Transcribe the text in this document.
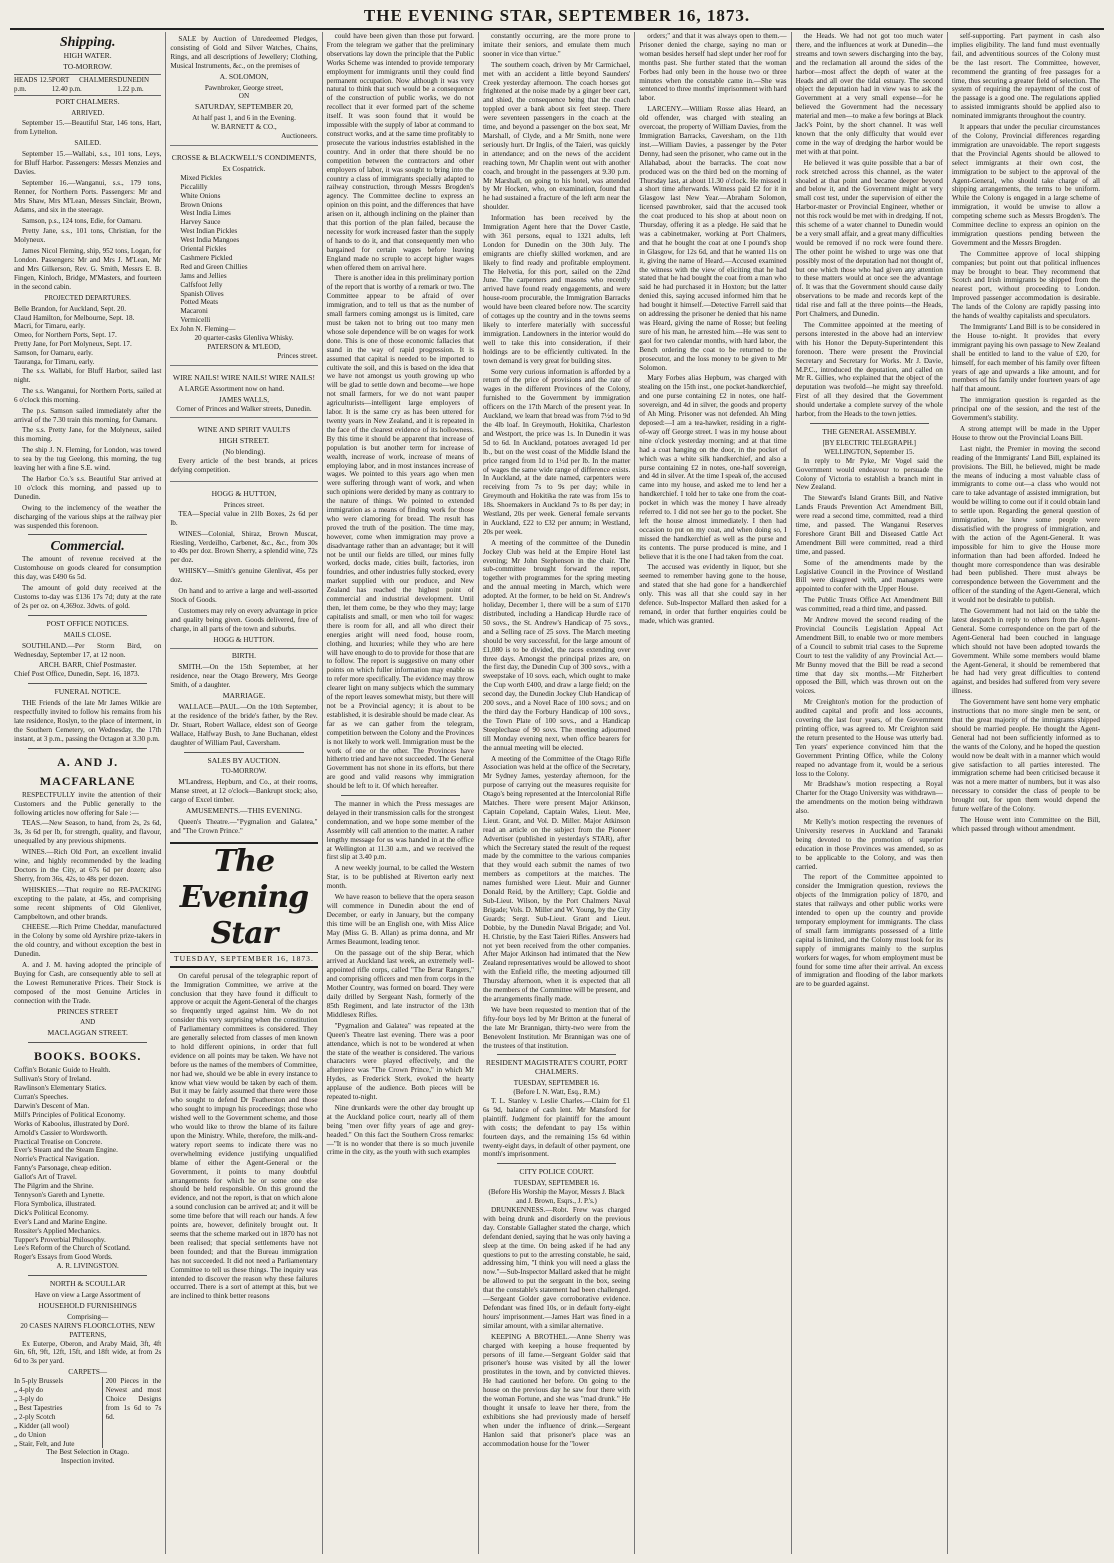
THE EVENING STAR, SEPTEMBER 16, 1873.
Shipping.
HIGH WATER.
TO-MORROW.
HEADS 12.5 p.m.
PORT CHALMERS 12.40 p.m.
DUNEDIN 1.22 p.m.
PORT CHALMERS.
ARRIVED.
September 15.—Beautiful Star, 146 tons, Hart, from Lyttelton.
SAILED.
September 15.—Wallabi, s.s., 101 tons, Leys, for Bluff Harbor. Passengers: Messrs Menzies and Davies.
September 16.—Wanganui, s.s., 179 tons, Renner, for Northern Ports. Passengers: Mr and Mrs Shaw, Mrs M'Lean, Messrs Sinclair, Brown, Adams, and six in the steerage.
Samson, p.s., 124 tons, Edie, for Oamaru.
Pretty Jane, s.s., 101 tons, Christian, for the Molyneux.
James Nicol Fleming, ship, 952 tons, Logan, for London. Passengers: Mr and Mrs J. M'Lean, Mr and Mrs Gilkerson, Rev. G. Smith, Messrs E. B. Fingen, Kinloch, Bridge, M'Masters, and fourteen in the second cabin.
PROJECTED DEPARTURES.
Belle Brandon, for Auckland, Sept. 20.
Claud Hamilton, for Melbourne, Sept. 18.
Macri, for Timaru, early.
Omeo, for Northern Ports, Sept. 17.
Pretty Jane, for Port Molyneux, Sept. 17.
Samson, for Oamaru, early.
Tauranga, for Timaru, early.
The s.s. Wallabi, for Bluff Harbor, sailed last night.
The s.s. Wanganui, for Northern Ports, sailed at 6 o'clock this morning.
The p.s. Samson sailed immediately after the arrival of the 7.30 train this morning, for Oamaru.
The s.s. Pretty Jane, for the Molyneux, sailed this morning.
The ship J. N. Fleming, for London, was towed to sea by the tug Geelong, this morning, the tug leaving her with a fine S.E. wind.
The Harbor Co.'s s.s. Beautiful Star arrived at 10 o'clock this morning, and passed up to Dunedin.
Owing to the inclemency of the weather the discharging of the various ships at the railway pier was suspended this forenoon.
Commercial.
The amount of revenue received at the Customhouse on goods cleared for consumption this day, was £490 6s 5d.
The amount of gold duty received at the Customs to-day was £136 17s 7d; duty at the rate of 2s per oz. on 4,369oz. 3dwts. of gold.
POST OFFICE NOTICES.
MAILS CLOSE.
SOUTHLAND.—Per Storm Bird, on Wednesday, September 17, at 12 noon.
ARCH. BARR, Chief Postmaster.
Chief Post Office, Dunedin, Sept. 16, 1873.
FUNERAL NOTICE.
THE Friends of the late Mr James Wilkie are respectfully invited to follow his remains from his late residence, Roslyn, to the place of interment, in the Southern Cemetery, on Wednesday, the 17th instant, at 3 p.m., passing the Octagon at 3.30 p.m.
A. AND J. MACFARLANE
RESPECTFULLY invite the attention of their Customers and the Public generally to the following articles now offering for Sale :—
TEAS.—New Season, to hand, from 2s, 2s 6d, 3s, 3s 6d per lb, for strength, quality, and flavour, unequalled by any previous shipments.
WINES.—Rich Old Port, an excellent invalid wine, and highly recommended by the leading Doctors in the City, at 67s 6d per dozen; also Sherry, from 36s, 42s, to 48s per dozen.
WHISKIES.—That require no RE-PACKING excepting to the palate, at 45s, and comprising some recent shipments of Old Glenlivet, Campbeltown, and other brands.
CHEESE.—Rich Prime Cheddar, manufactured in the Colony by some old Ayrshire prize-takers in the old country, and without exception the best in Dunedin.
A. and J. M. having adopted the principle of Buying for Cash, are consequently able to sell at the Lowest Remunerative Prices. Their Stock is composed of the most Genuine Articles in connection with the Trade.
PRINCES STREET
AND
MACLAGGAN STREET.
BOOKS. BOOKS.
Coffin's Botanic Guide to Health.
Sullivan's Story of Ireland.
Rawlinson's Elementary Statics.
Curran's Speeches.
Darwin's Descent of Man.
Mill's Principles of Political Economy.
Works of Kaboolus, illustrated by Doré.
Arnold's Cassier to Wordsworth.
Practical Treatise on Concrete.
Ever's Steam and the Steam Engine.
Norrie's Practical Navigation.
Fanny's Parsonage, cheap edition.
Gallot's Art of Travel.
The Pilgrim and the Shrine.
Tennyson's Gareth and Lynette.
Flora Symbolica, illustrated.
Dick's Political Economy.
Ever's Land and Marine Engine.
Rossiter's Applied Mechanics.
Tupper's Proverbial Philosophy.
Lee's Reform of the Church of Scotland.
Roger's Essays from Good Words.
A. R. LIVINGSTON.
NORTH & SCOULLAR
Have on view a Large Assortment of
HOUSEHOLD FURNISHINGS
Comprising—
20 CASES NAIRN'S FLOORCLOTHS, NEW PATTERNS,
Ex Euterpe, Oberon, and Araby Maid, 3ft, 4ft 6in, 6ft, 9ft, 12ft, 15ft, and 18ft wide, at from 2s 6d to 3s per yard.
CARPETS—
In 5-ply Brussels
„ 4-ply do
„ 3-ply do
„ Best Tapestries
„ 2-ply Scotch
„ Kidder (all wool)
„ do Union
„ Stair, Felt, and Jute
200 Pieces in the Newest and most Choice Designs from 1s 6d to 7s 6d.
The Best Selection in Otago.
Inspection invited.
SALE by Auction of Unredeemed Pledges, consisting of Gold and Silver Watches, Chains, Rings, and all descriptions of Jewellery; Clothing, Musical Instruments, &c., on the premises of
A. SOLOMON,
Pawnbroker, George street,
ON
SATURDAY, SEPTEMBER 20,
At half past 1, and 6 in the Evening.
W. BARNETT & CO.,
Auctioneers.
CROSSE & BLACKWELL'S CONDIMENTS,
Ex Cospatrick.
Mixed Pickles
Piccalilly
White Onions
Brown Onions
West India Limes
Harvey Sauce
West Indian Pickles
West India Mangoes
Oriental Pickles
Cashmere Pickled
Red and Green Chillies
Jams and Jellies
Calfsfoot Jelly
Spanish Olives
Potted Meats
Macaroni
Vermicelli
Ex John N. Fleming—
20 quarter-casks Glenliva Whisky.
PATERSON & M'LEOD,
Princes street.
WIRE NAILS! WIRE NAILS! WIRE NAILS!
A LARGE Assortment now on hand.
JAMES WALLS,
Corner of Princes and Walker streets, Dunedin.
WINE AND SPIRIT VAULTS
HIGH STREET.
(No blending).
Every article of the best brands, at prices defying competition.
HOGG & HUTTON,
Princes street.
TEA—Special value in 21lb Boxes, 2s 6d per lb.
WINES—Colonial, Shiraz, Brown Muscat, Riesling, Verdeilho, Carbenet, &c., &c., from 30s to 40s per doz. Brown Sherry, a splendid wine, 72s per doz.
WHISKY—Smith's genuine Glenlivat, 45s per doz.
On hand and to arrive a large and well-assorted Stock of Goods.
Customers may rely on every advantage in price and quality being given. Goods delivered, free of charge, in all parts of the town and suburbs.
HOGG & HUTTON.
BIRTH.
SMITH.—On the 15th September, at her residence, near the Otago Brewery, Mrs George Smith, of a daughter.
MARRIAGE.
WALLACE—PAUL.—On the 10th September, at the residence of the bride's father, by the Rev. Dr. Stuart, Robert Wallace, eldest son of George Wallace, Halfway Bush, to Jane Buchanan, eldest daughter of William Paul, Caversham.
SALES BY AUCTION.
TO-MORROW.
M'Landress, Hepburn, and Co., at their rooms, Manse street, at 12 o'clock—Bankrupt stock; also, cargo of Excel timber.
AMUSEMENTS.—THIS EVENING.
Queen's Theatre.—"Pygmalion and Galatea," and "The Crown Prince."
The Evening Star
TUESDAY, SEPTEMBER 16, 1873.
On careful perusal of the telegraphic report of the Immigration Committee, we arrive at the conclusion that they have found it difficult to approve or acquit the Agent-General of the charges so frequently urged against him. We do not consider this very surprising when the constitution of Parliamentary committees is considered. They are generally selected from classes of men known to hold different opinions, in order that full evidence on all points may be taken. We have not before us the names of the members of Committee, nor had we, should we be able in every instance to know what view would be taken by each of them. But it may be fairly assumed that there were those who sought to defend Dr Featherston and those who sought to impugn his proceedings; those who wished well to the Government scheme, and those who would like to throw the blame of its failure upon the Ministry. While, therefore, the milk-and-watery report seems to indicate there was no overwhelming evidence justifying unqualified blame of either the Agent-General or the Government, it points to many doubtful arrangements for which he or some one else should be held responsible. On this ground the evidence, and not the report, is that on which alone a sound conclusion can be arrived at; and it will be some time before that will reach our hands. A few points are, however, definitely brought out. It seems that the scheme marked out in 1870 has not been realised; that special settlements have not been founded; and that the Bureau immigration has not succeeded. It did not need a Parliamentary Committee to tell us these things. The inquiry was intended to discover the reason why these failures occurred. There is a sort of attempt at this, but we are inclined to think better reasons
could have been given than those put forward. From the telegram we gather that the preliminary observations lay down the principle that the Public Works Scheme was intended to provide temporary employment for immigrants until they could find permanent occupation. Now although it was very natural to think that such would be a consequence of the construction of public works, we do not recollect that it ever formed part of the scheme itself. It was soon found that it would be impossible with the supply of labor at command to construct works, and at the same time profitably to prosecute the various industries established in the country. And in order that there should be no competition between the contractors and other employers of labor, it was sought to bring into the country a class of immigrants specially adapted to railway construction, through Messrs Brogden's agency. The Committee decline to express an opinion on this point, and the differences that have arisen on it, although inclining on the plainer than that this portion of the plan failed, because the necessity for work increased faster than the supply of hands to do it, and that consequently men who bargained for certain wages before leaving England made no scruple to accept higher wages when offered them on arrival here.
There is another idea in this preliminary portion of the report that is worthy of a remark or two. The Committee appear to be afraid of over immigration, and to tell us that as the number of small farmers coming amongst us is limited, care must be taken not to bring out too many men whose sole dependence will be on wages for work done. This is one of those economic fallacies that stand in the way of rapid progression. It is assumed that capital is needed to be imported to cultivate the soil, and this is based on the idea that we have not amongst us youth growing up who will be glad to settle down and become—we hope not small farmers, for we do not want pauper agriculturists—intelligent large employers of labor. It is the same cry as has been uttered for twenty years in New Zealand, and it is repeated in the face of the clearest evidence of its hollowness. By this time it should be apparent that increase of population is but another term for increase of wealth, increase of work, increase of means of employing labor, and in most instances increase of wages. We pointed to this years ago when men were suffering through want of work, and when such opinions were derided by many as contrary to the nature of things. We pointed to extended immigration as a means of finding work for those who were clamoring for bread. The result has proved the truth of the position. The time may, however, come when immigration may prove a disadvantage rather than an advantage; but it will not be until our fields are tilled, our mines fully worked, docks made, cities built, factories, iron foundries, and other industries fully stocked, every market supplied with our produce, and New Zealand has reached the highest point of commercial and industrial development. Until then, let them come, be they who they may; large capitalists and small, or men who toil for wages: there is room for all, and all who direct their energies aright will need food, house room, clothing, and luxuries; while they who are here will have enough to do to provide for those that are to follow. The report is suggestive on many other points on which fuller information may enable us to refer more specifically. The evidence may throw clearer light on many subjects which the summary of the report leaves somewhat misty, but there will not be a Provincial agency; it is about to be established, it is desirable should be made clear. As far as we can gather from the telegram, competition between the Colony and the Provinces is not likely to work well. Immigration must be the work of one or the other. The Provinces have hitherto tried and have not succeeded. The General Government has not shone in its efforts, but there are good and valid reasons why immigration should be left to it. Of which hereafter.
The manner in which the Press messages are delayed in their transmission calls for the strongest condemnation, and we hope some member of the Assembly will call attention to the matter. A rather lengthy message for us was handed in at the office at Wellington at 11.30 a.m., and we received the first slip at 3.40 p.m.
A new weekly journal, to be called the Western Star, is to be published at Riverton early next month.
We have reason to believe that the opera season will commence in Dunedin about the end of December, or early in January, but the company this time will be an English one, with Miss Alice May (Miss G. B. Allan) as prima donna, and Mr Armes Beaumont, leading tenor.
On the passage out of the ship Berar, which arrived at Auckland last week, an extremely well-appointed rifle corps, called "The Berar Rangers," and comprising officers and men from corps in the Mother Country, was formed on board. They were daily drilled by Sergeant Nash, formerly of the 85th Regiment, and late instructor of the 13th Middlesex Rifles.
"Pygmalion and Galatea" was repeated at the Queen's Theatre last evening. There was a poor attendance, which is not to be wondered at when the state of the weather is considered. The various characters were played effectively, and the afterpiece was "The Crown Prince," in which Mr Hydes, as Frederick Sterk, evoked the hearty applause of the audience. Both pieces will be repeated to-night.
Nine drunkards were the other day brought up at the Auckland police court, nearly all of them being "men over fifty years of age and grey-headed." On this fact the Southern Cross remarks:—"It is no wonder that there is so much juvenile crime in the city, as the youth with such examples
constantly occurring, are the more prone to imitate their seniors, and emulate them much sooner in vice than virtue."
The southern coach, driven by Mr Carmichael, met with an accident a little beyond Saunders' Creek yesterday afternoon. The coach horses got frightened at the noise made by a ginger beer cart, and shied, the consequence being that the coach toppled over a bank about six feet steep. There were seventeen passengers in the coach at the time, and beyond a passenger on the box seat, Mr Marshall, of Clyde, and a Mr Smith, none were seriously hurt. Dr Inglis, of the Taieri, was quickly in attendance; and on the news of the accident reaching town, Mr Chaplin went out with another coach, and brought in the passengers at 9.30 p.m. Mr Marshall, on going to his hotel, was attended by Mr Hocken, who, on examination, found that he had sustained a fracture of the left arm near the shoulder.
Information has been received by the Immigration Agent here that the Dover Castle, with 361 persons, equal to 1321 adults, left London for Dunedin on the 30th July. The emigrants are chiefly skilled workmen, and are likely to find ready and profitable employment. The Helvetia, for this port, sailed on the 22nd June. The carpenters and masons who recently arrived have found ready engagements, and were house-room procurable, the Immigration Barracks would have been cleared before now. The scarcity of cottages up the country and in the towns seems likely to interfere materially with successful immigration. Landowners in the interior would do well to take this into consideration, if their holdings are to be efficiently cultivated. In the town demand is very great for building sites.
Some very curious information is afforded by a return of the price of provisions and the rate of wages in the different Provinces of the Colony, furnished to the Government by immigration officers on the 17th March of the present year. In Auckland, we learn that bread was from 7½d to 9d the 4lb loaf. In Greymouth, Hokitika, Charleston and Westport, the price was 1s. In Dunedin it was 5d to 6d. In Auckland, potatoes averaged 1d per lb., but on the west coast of the Middle Island the price ranged from 1d to 1½d per lb. In the matter of wages the same wide range of difference exists. In Auckland, at the date named, carpenters were receiving from 7s to 9s per day; while in Greymouth and Hokitika the rate was from 15s to 18s. Shoemakers in Auckland 7s to 8s per day; in Westland, 20s per week. General female servants in Auckland, £22 to £32 per annum; in Westland, 20s per week.
A meeting of the committee of the Dunedin Jockey Club was held at the Empire Hotel last evening; Mr John Stephenson in the chair. The sub-committee brought forward the report, together with programmes for the spring meeting and the annual meeting in March, which were adopted. At the former, to be held on St. Andrew's holiday, December 1, there will be a sum of £170 distributed, including a Handicap Hurdle race of 50 sovs., the St. Andrew's Handicap of 75 sovs., and a Selling race of 25 sovs. The March meeting should be very successful, for the large amount of £1,080 is to be divided, the races extending over three days. Amongst the principal prizes are, on the first day, the Dunedin Cup of 300 sovs., with a sweepstake of 10 sovs. each, which ought to make the Cup worth £400, and draw a large field; on the second day, the Dunedin Jockey Club Handicap of 200 sovs., and a Novel Race of 100 sovs.; and on the third day the Forbury Handicap of 100 sovs., the Town Plate of 100 sovs., and a Handicap Steeplechase of 90 sovs. The meeting adjourned till Monday evening next, when office bearers for the annual meeting will be elected.
A meeting of the Committee of the Otago Rifle Association was held at the office of the Secretary, Mr Sydney James, yesterday afternoon, for the purpose of carrying out the measures requisite for Otago's being represented at the Intercolonial Rifle Matches. There were present Major Atkinson, Captain Copeland, Captain Wales, Lieut. Mee, Lieut. Grant, and Vol. D. Miller. Major Atkinson read an article on the subject from the Pioneer Advertiser (published in yesterday's STAR), after which the Secretary stated the result of the request made by the committee to the various companies that they would each submit the names of two members as competitors at the matches. The names furnished were Lieut. Muir and Gunner Donald Reid, by the Artillery; Capt. Goldie and Sub-Lieut. Wilson, by the Port Chalmers Naval Brigade; Vols. D. Miller and W. Young, by the City Guards; Sergt. Sub-Lieut. Grant and Lieut. Dobbie, by the Dunedin Naval Brigade; and Vol. H. Christie, by the East Taieri Rifles. Answers had not yet been received from the other companies. After Major Atkinson had intimated that the New Zealand representatives would be allowed to shoot with the Enfield rifle, the meeting adjourned till Thursday afternoon, when it is expected that all the members of the Committee will be present, and the arrangements finally made.
We have been requested to mention that of the fifty-four boys led by Mr Britton at the funeral of the late Mr Brannigan, thirty-two were from the Benevolent Institution. Mr Brannigan was one of the trustees of that institution.
RESIDENT MAGISTRATE'S COURT, PORT CHALMERS.
TUESDAY, SEPTEMBER 16.
(Before I. N. Watt, Esq., R.M.)
T. L. Stanley v. Leslie Charles.—Claim for £1 6s 9d, balance of cash lent. Mr Mansford for plaintiff. Judgment for plaintiff for the amount with costs; the defendant to pay 15s within fourteen days, and the remaining 15s 6d within twenty-eight days, in default of other payment, one month's imprisonment.
CITY POLICE COURT.
TUESDAY, SEPTEMBER 16.
(Before His Worship the Mayor, Messrs J. Black and J. Brown, Esqrs., J. P.'s.)
DRUNKENNESS.—Robt. Frew was charged with being drunk and disorderly on the previous day. Constable Gallagher stated the charge, which defendant denied, saying that he was only having a sleep at the time. On being asked if he had any questions to put to the arresting constable, he said, addressing him, "I think you will need a glass the now."—Sub-Inspector Mallard asked that he might be allowed to put the sergeant in the box, seeing that the constable's statement had been challenged.—Sergeant Golder gave corroborative evidence. Defendant was fined 10s, or in default forty-eight hours' imprisonment.—James Hart was fined in a similar amount, with a similar alternative.
KEEPING A BROTHEL.—Anne Sherry was charged with keeping a house frequented by persons of ill fame.—Sergeant Golder said that prisoner's house was visited by all the lower prostitutes in the town, and by convicted thieves. He had cautioned her before. On going to the house on the previous day he saw four there with the woman Fortune, and she was "mad drunk." He thought it unsafe to leave her there, from the exhibitions she had previously made of herself when under the influence of drink.—Sergeant Hanlon said that prisoner's place was an accommodation house for the "lower
orders;" and that it was always open to them.—Prisoner denied the charge, saying no man or woman besides herself had slept under her roof for months past. She further stated that the woman Forbes had only been in the house two or three minutes when the constable came in.—She was sentenced to three months' imprisonment with hard labor.
LARCENY.—William Rosse alias Heard, an old offender, was charged with stealing an overcoat, the property of William Davies, from the Immigration Barracks, Caversham, on the 11th inst.—William Davies, a passenger by the Peter Denny, had seen the prisoner, who came out in the Allahabad, about the barracks. The coat now produced was on the third bed on the morning of Thursday last, at about 11.30 o'clock. He missed it a short time afterwards. Witness paid £2 for it in Glasgow last New Year.—Abraham Solomon, licensed pawnbroker, said that the accused took the coat produced to his shop at about noon on Thursday, offering it as a pledge. He said that he was a cabinetmaker, working at Port Chalmers, and that he bought the coat at one I pound's shop in Glasgow, for 12s 6d, and that he wanted 11s on it, giving the name of Heard.—Accused examined the witness with the view of eliciting that he had stated that he had bought the coat from a man who said he had purchased it in Hoxton; but the latter denied this, saying accused informed him that he had bought it himself.—Detective Farrell said that on addressing the prisoner he denied that his name was Heard, giving the name of Rosse; but feeling sure of his man, he arrested him.—He was sent to gaol for two calendar months, with hard labor, the Bench ordering the coat to be returned to the prosecutor, and the loss money to be given to Mr Solomon.
Mary Forbes alias Hepburn, was charged with stealing on the 15th inst., one pocket-handkerchief, and one purse containing £2 in notes, one half-sovereign, and 4d in silver, the goods and property of Ah Ming. Prisoner was not defended. Ah Ming deposed:—I am a tea-hawker, residing in a right-of-way off George street. I was in my house about nine o'clock yesterday morning; and at that time had a coat hanging on the door, in the pocket of which was a white silk handkerchief, and also a purse containing £2 in notes, one-half sovereign, and 4d in silver. At the time I speak of, the accused came into my house, and asked me to lend her a handkerchief. I told her to take one from the coat-pocket in which was the money I have already referred to. I did not see her go to the pocket. She left the house almost immediately. I then had occasion to put on my coat, and when doing so, I missed the handkerchief as well as the purse and its contents. The purse produced is mine, and I believe that it is the one I had taken from the coat.
The accused was evidently in liquor, but she seemed to remember having gone to the house, and stated that she had gone for a handkerchief only. This was all that she could say in her defence. Sub-Inspector Mallard then asked for a remand, in order that further enquiries could be made, which was granted.
the Heads. We had not got too much water there, and the influences at work at Dunedin—the streams and town sewers discharging into the bay, and the reclamation all around the sides of the harbor—most affect the depth of water at the Heads and all over the tidal estuary. The second object the deputation had in view was to ask the Government at a very small expense—for he believed the Government had the necessary material and men—to make a few borings at Black Jack's Point, by the short channel. It was well known that the only difficulty that would ever come in the way of dredging the harbor would be met with at that point.
He believed it was quite possible that a bar of rock stretched across this channel, as the water shoaled at that point and became deeper beyond and below it, and the Government might at very small cost test, under the supervision of either the Harbor-master or Provincial Engineer, whether or not this rock would be met with in dredging. If not, this scheme of a water channel to Dunedin would be a very small affair, and a great many difficulties would be removed if no rock were found there. The other point he wished to urge was one that possibly most of the deputation had not thought of, but one which those who had given any attention to these matters would at once see the advantage of. It was that the Government should cause daily observations to be made and records kept of the tidal rise and fall at the three points—the Heads, Port Chalmers, and Dunedin.
The Committee appointed at the meeting of persons interested in the above had an interview with his Honor the Deputy-Superintendent this forenoon. There were present the Provincial Secretary and Secretary for Works. Mr J. Davie, M.P.C., introduced the deputation, and called on Mr R. Gillies, who explained that the object of the deputation was twofold—he might say threefold. First of all they desired that the Government should undertake a complete survey of the whole harbor, from the Heads to the town jetties.
THE GENERAL ASSEMBLY.
[BY ELECTRIC TELEGRAPH.]
WELLINGTON, September 15.
In reply to Mr Pyke, Mr Vogel said the Government would endeavour to persuade the Colony of Victoria to establish a branch mint in New Zealand.
The Steward's Island Grants Bill, and Native Lands Frauds Prevention Act Amendment Bill, were read a second time, committed, read a third time, and passed. The Wanganui Reserves Foreshore Grant Bill and Diseased Cattle Act Amendment Bill were committed, read a third time, and passed.
Some of the amendments made by the Legislative Council in the Province of Westland Bill were disagreed with, and managers were appointed to confer with the Upper House.
The Public Trusts Office Act Amendment Bill was committed, read a third time, and passed.
Mr Andrew moved the second reading of the Provincial Councils Legislation Appeal Act Amendment Bill, to enable two or more members of a Council to submit trial cases to the Supreme Court to test the validity of any Provincial Act.—Mr Bunny moved that the Bill be read a second time that day six months.—Mr Fitzherbert opposed the Bill, which was thrown out on the voices.
Mr Creighton's motion for the production of audited capital and profit and loss accounts, covering the last four years, of the Government printing office, was agreed to. Mr Creighton said the return presented to the House was utterly bad. Ten years' experience convinced him that the Government Printing Office, while the Colony reaped no advantage from it, would be a serious loss to the Colony.
Mr Bradshaw's motion respecting a Royal Charter for the Otago University was withdrawn—the amendments on the motion being withdrawn also.
Mr Kelly's motion respecting the revenues of University reserves in Auckland and Taranaki being devoted to the promotion of superior education in those Provinces was amended, so as to be applicable to the Colony, and was then carried.
The report of the Committee appointed to consider the Immigration question, reviews the objects of the Immigration policy of 1870, and states that railways and other public works were intended to open up the country and provide temporary employment for immigrants. The class of small farm immigrants possessed of a little capital is limited, and the Colony must look for its supply of immigrants mainly to the surplus workers for wages, for whom employment must be found for some time after their arrival. An excess of immigration and flooding of the labor markets are to be guarded against.
self-supporting. Part payment in cash also implies eligibility. The land fund must eventually fail, and adventitious sources of the Colony must be the last resort. The Committee, however, recommend the granting of free passages for a time, thus securing a greater field of selection. The system of requiring the repayment of the cost of the passage is a good one. The regulations applied to assisted immigrants should be applied also to nominated immigrants throughout the country.
It appears that under the peculiar circumstances of the Colony, Provincial differences regarding immigration are unavoidable. The report suggests that the Provincial Agents should be allowed to select immigrants at their own cost, the immigration to be subject to the approval of the Agent-General, who should take charge of all shipping arrangements, the terms to be uniform. While the Colony is engaged in a large scheme of immigration, it would be unwise to allow a competing scheme such as Messrs Brogden's. The Committee decline to express an opinion on the immigration questions pending between the Government and the Messrs Brogden.
The Committee approve of local shipping companies; but point out that political influences may be brought to bear. They recommend that Scotch and Irish immigrants be shipped from the nearest port, without proceeding to London. Improved passenger accommodation is desirable. The lands of the Colony are rapidly passing into the hands of wealthy capitalists and speculators.
The Immigrants' Land Bill is to be considered in the House to-night. It provides that every immigrant paying his own passage to New Zealand shall be entitled to land to the value of £20, for himself, for each member of his family over fifteen years of age and upwards a like amount, and for members of his family under fourteen years of age half that amount.
The immigration question is regarded as the principal one of the session, and the test of the Government's stability.
A strong attempt will be made in the Upper House to throw out the Provincial Loans Bill.
Last night, the Premier in moving the second reading of the Immigrants' Land Bill, explained its provisions. The Bill, he believed, might be made the means of inducing a most valuable class of immigrants to come out—a class who would not care to take advantage of assisted immigration, but would be willing to come out if it could obtain land to settle upon. Regarding the general question of immigration, he knew some people were dissatisfied with the progress of immigration, and with the action of the Agent-General. It was impossible for him to give the House more information than had been afforded. Indeed he thought more correspondence than was desirable had been published. There must always be correspondence between the Government and the officer of the standing of the Agent-General, which it would not be desirable to publish.
The Government had not laid on the table the latest despatch in reply to others from the Agent-General. Some correspondence on the part of the Agent-General had been couched in language which should not have been adopted towards the Government. While some members would blame the Agent-General, it should be remembered that he had had very great difficulties to contend against, and besides had suffered from very severe illness.
The Government have sent home very emphatic instructions that no more single men be sent, or that the great majority of the immigrants shipped should be married people. He thought the Agent-General had not been sufficiently informed as to the wants of the Colony, and he hoped the question would now be dealt with in a manner which would give satisfaction to all parties interested. The immigration scheme had been criticised because it was not a mere matter of numbers, but it was also necessary to consider the class of people to be brought out, for upon them would depend the future welfare of the Colony.
The House went into Committee on the Bill, which passed through without amendment.
